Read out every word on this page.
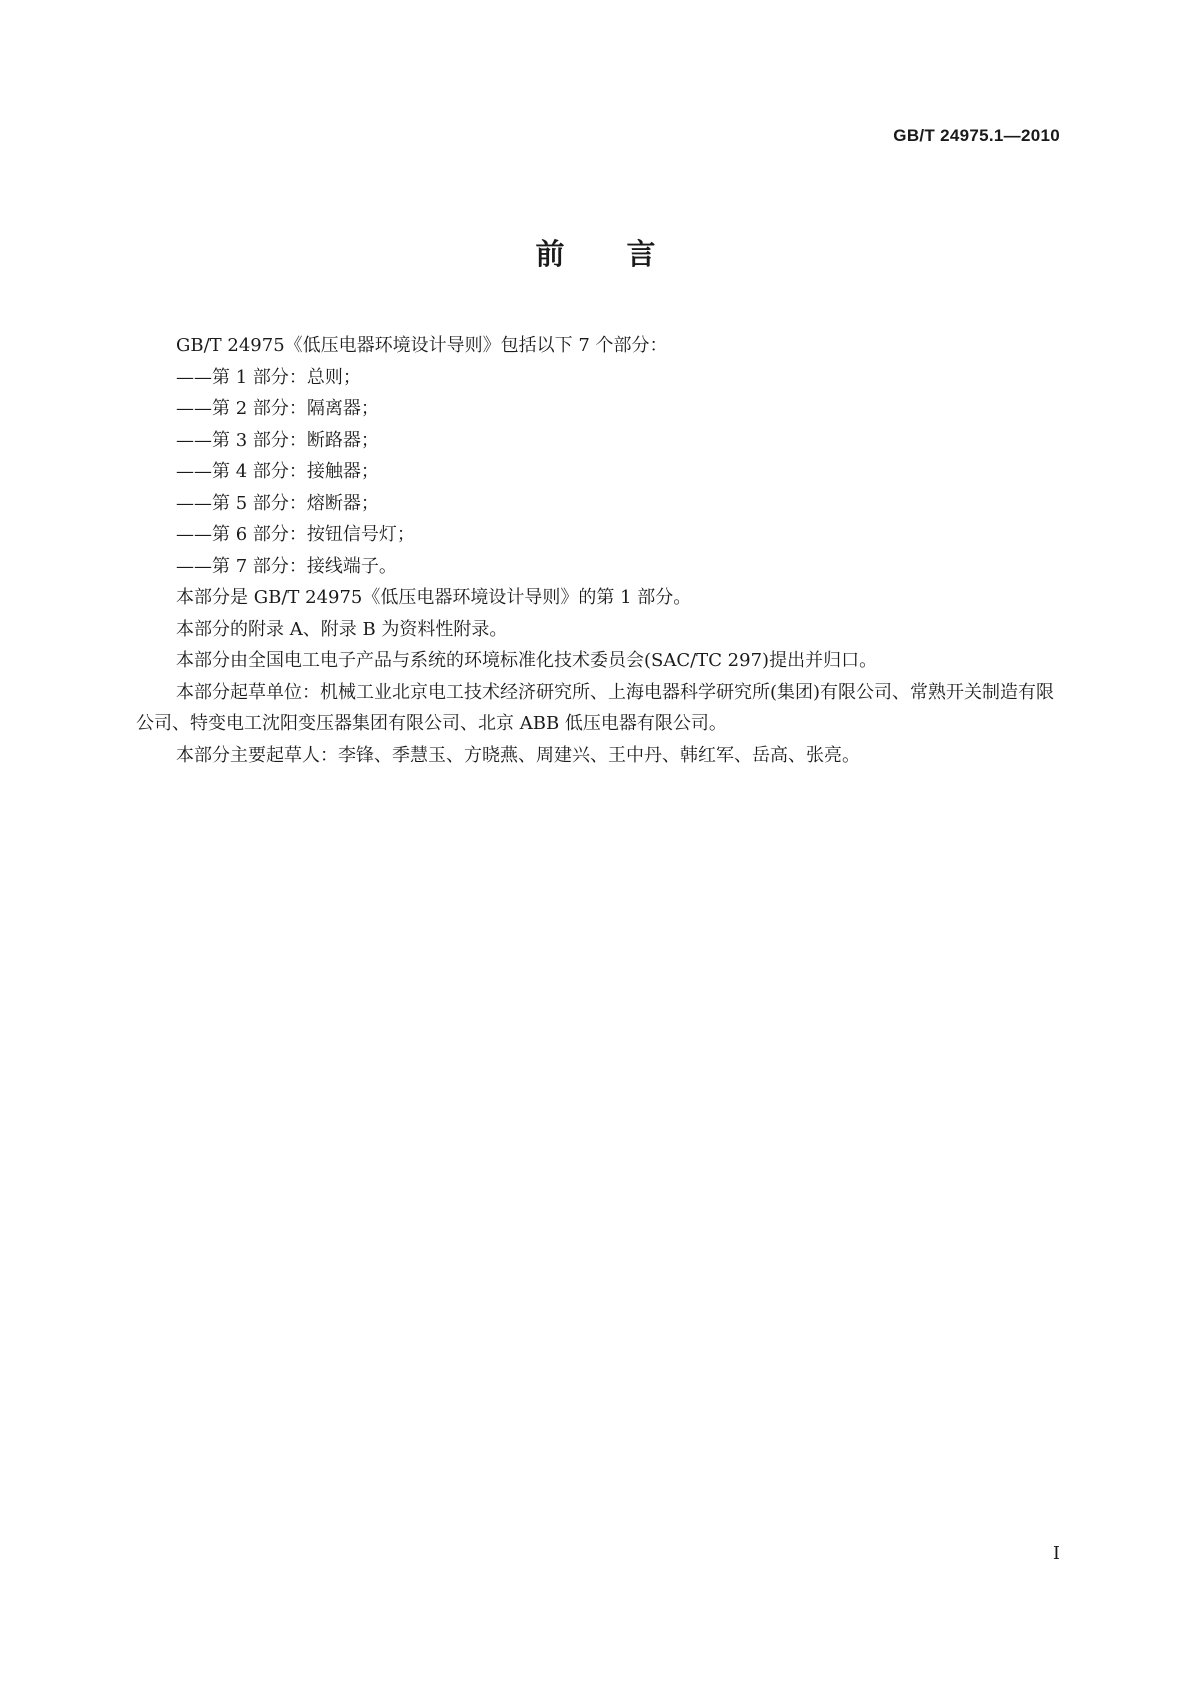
GB/T 24975.1—2010
前言

GB/T 24975《低压电器环境设计导则》包括以下 7 个部分：

——第 1 部分：总则；

——第 2 部分：隔离器；

——第 3 部分：断路器；

——第 4 部分：接触器；

——第 5 部分：熔断器；

——第 6 部分：按钮信号灯；

——第 7 部分：接线端子。

本部分是 GB/T 24975《低压电器环境设计导则》的第 1 部分。

本部分的附录 A、附录 B 为资料性附录。

本部分由全国电工电子产品与系统的环境标准化技术委员会(SAC/TC 297)提出并归口。

本部分起草单位：机械工业北京电工技术经济研究所、上海电器科学研究所(集团)有限公司、常熟开关制造有限公司、特变电工沈阳变压器集团有限公司、北京 ABB 低压电器有限公司。

本部分主要起草人：李锋、季慧玉、方晓燕、周建兴、王中丹、韩红军、岳高、张亮。

I
